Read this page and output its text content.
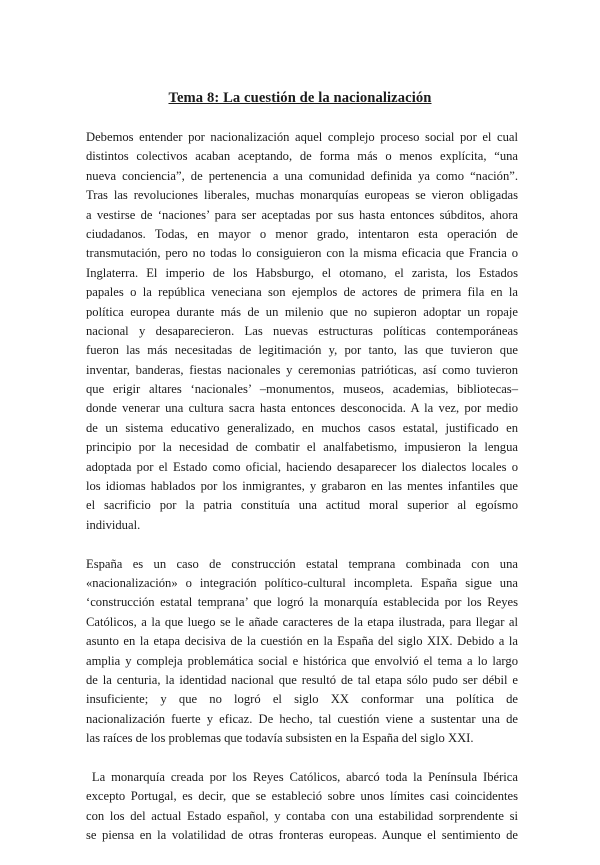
Tema 8: La cuestión de la nacionalización
Debemos entender por nacionalización aquel complejo proceso social por el cual
distintos colectivos acaban aceptando, de forma más o menos explícita, “una
nueva conciencia”, de pertenencia a una comunidad definida ya como “nación”.
Tras las revoluciones liberales, muchas monarquías europeas se vieron obligadas
a vestirse de ‘naciones’ para ser aceptadas por sus hasta entonces súbditos, ahora
ciudadanos. Todas, en mayor o menor grado, intentaron esta operación de
transmutación, pero no todas lo consiguieron con la misma eficacia que Francia o
Inglaterra. El imperio de los Habsburgo, el otomano, el zarista, los Estados
papales o la república veneciana son ejemplos de actores de primera fila en la
política europea durante más de un milenio que no supieron adoptar un ropaje
nacional y desaparecieron. Las nuevas estructuras políticas contemporáneas
fueron las más necesitadas de legitimación y, por tanto, las que tuvieron que
inventar, banderas, fiestas nacionales y ceremonias patrióticas, así como tuvieron
que erigir altares ‘nacionales’ –monumentos, museos, academias, bibliotecas–
donde venerar una cultura sacra hasta entonces desconocida. A la vez, por medio
de un sistema educativo generalizado, en muchos casos estatal, justificado en
principio por la necesidad de combatir el analfabetismo, impusieron la lengua
adoptada por el Estado como oficial, haciendo desaparecer los dialectos locales o
los idiomas hablados por los inmigrantes, y grabaron en las mentes infantiles que
el sacrificio por la patria constituía una actitud moral superior al egoísmo
individual.
España es un caso de construcción estatal temprana combinada con una
«nacionalización» o integración político-cultural incompleta. España sigue una
‘construcción estatal temprana’ que logró la monarquía establecida por los Reyes
Católicos, a la que luego se le añade caracteres de la etapa ilustrada, para llegar al
asunto en la etapa decisiva de la cuestión en la España del siglo XIX. Debido a la
amplia y compleja problemática social e histórica que envolvió el tema a lo largo
de la centuria, la identidad nacional que resultó de tal etapa sólo pudo ser débil e
insuficiente; y que no logró el siglo XX conformar una política de
nacionalización fuerte y eficaz. De hecho, tal cuestión viene a sustentar una de
las raíces de los problemas que todavía subsisten en la España del siglo XXI.
La monarquía creada por los Reyes Católicos, abarcó toda la Península Ibérica
excepto Portugal, es decir, que se estableció sobre unos límites casi coincidentes
con los del actual Estado español, y contaba con una estabilidad sorprendente si
se piensa en la volatilidad de otras fronteras europeas. Aunque el sentimiento de
